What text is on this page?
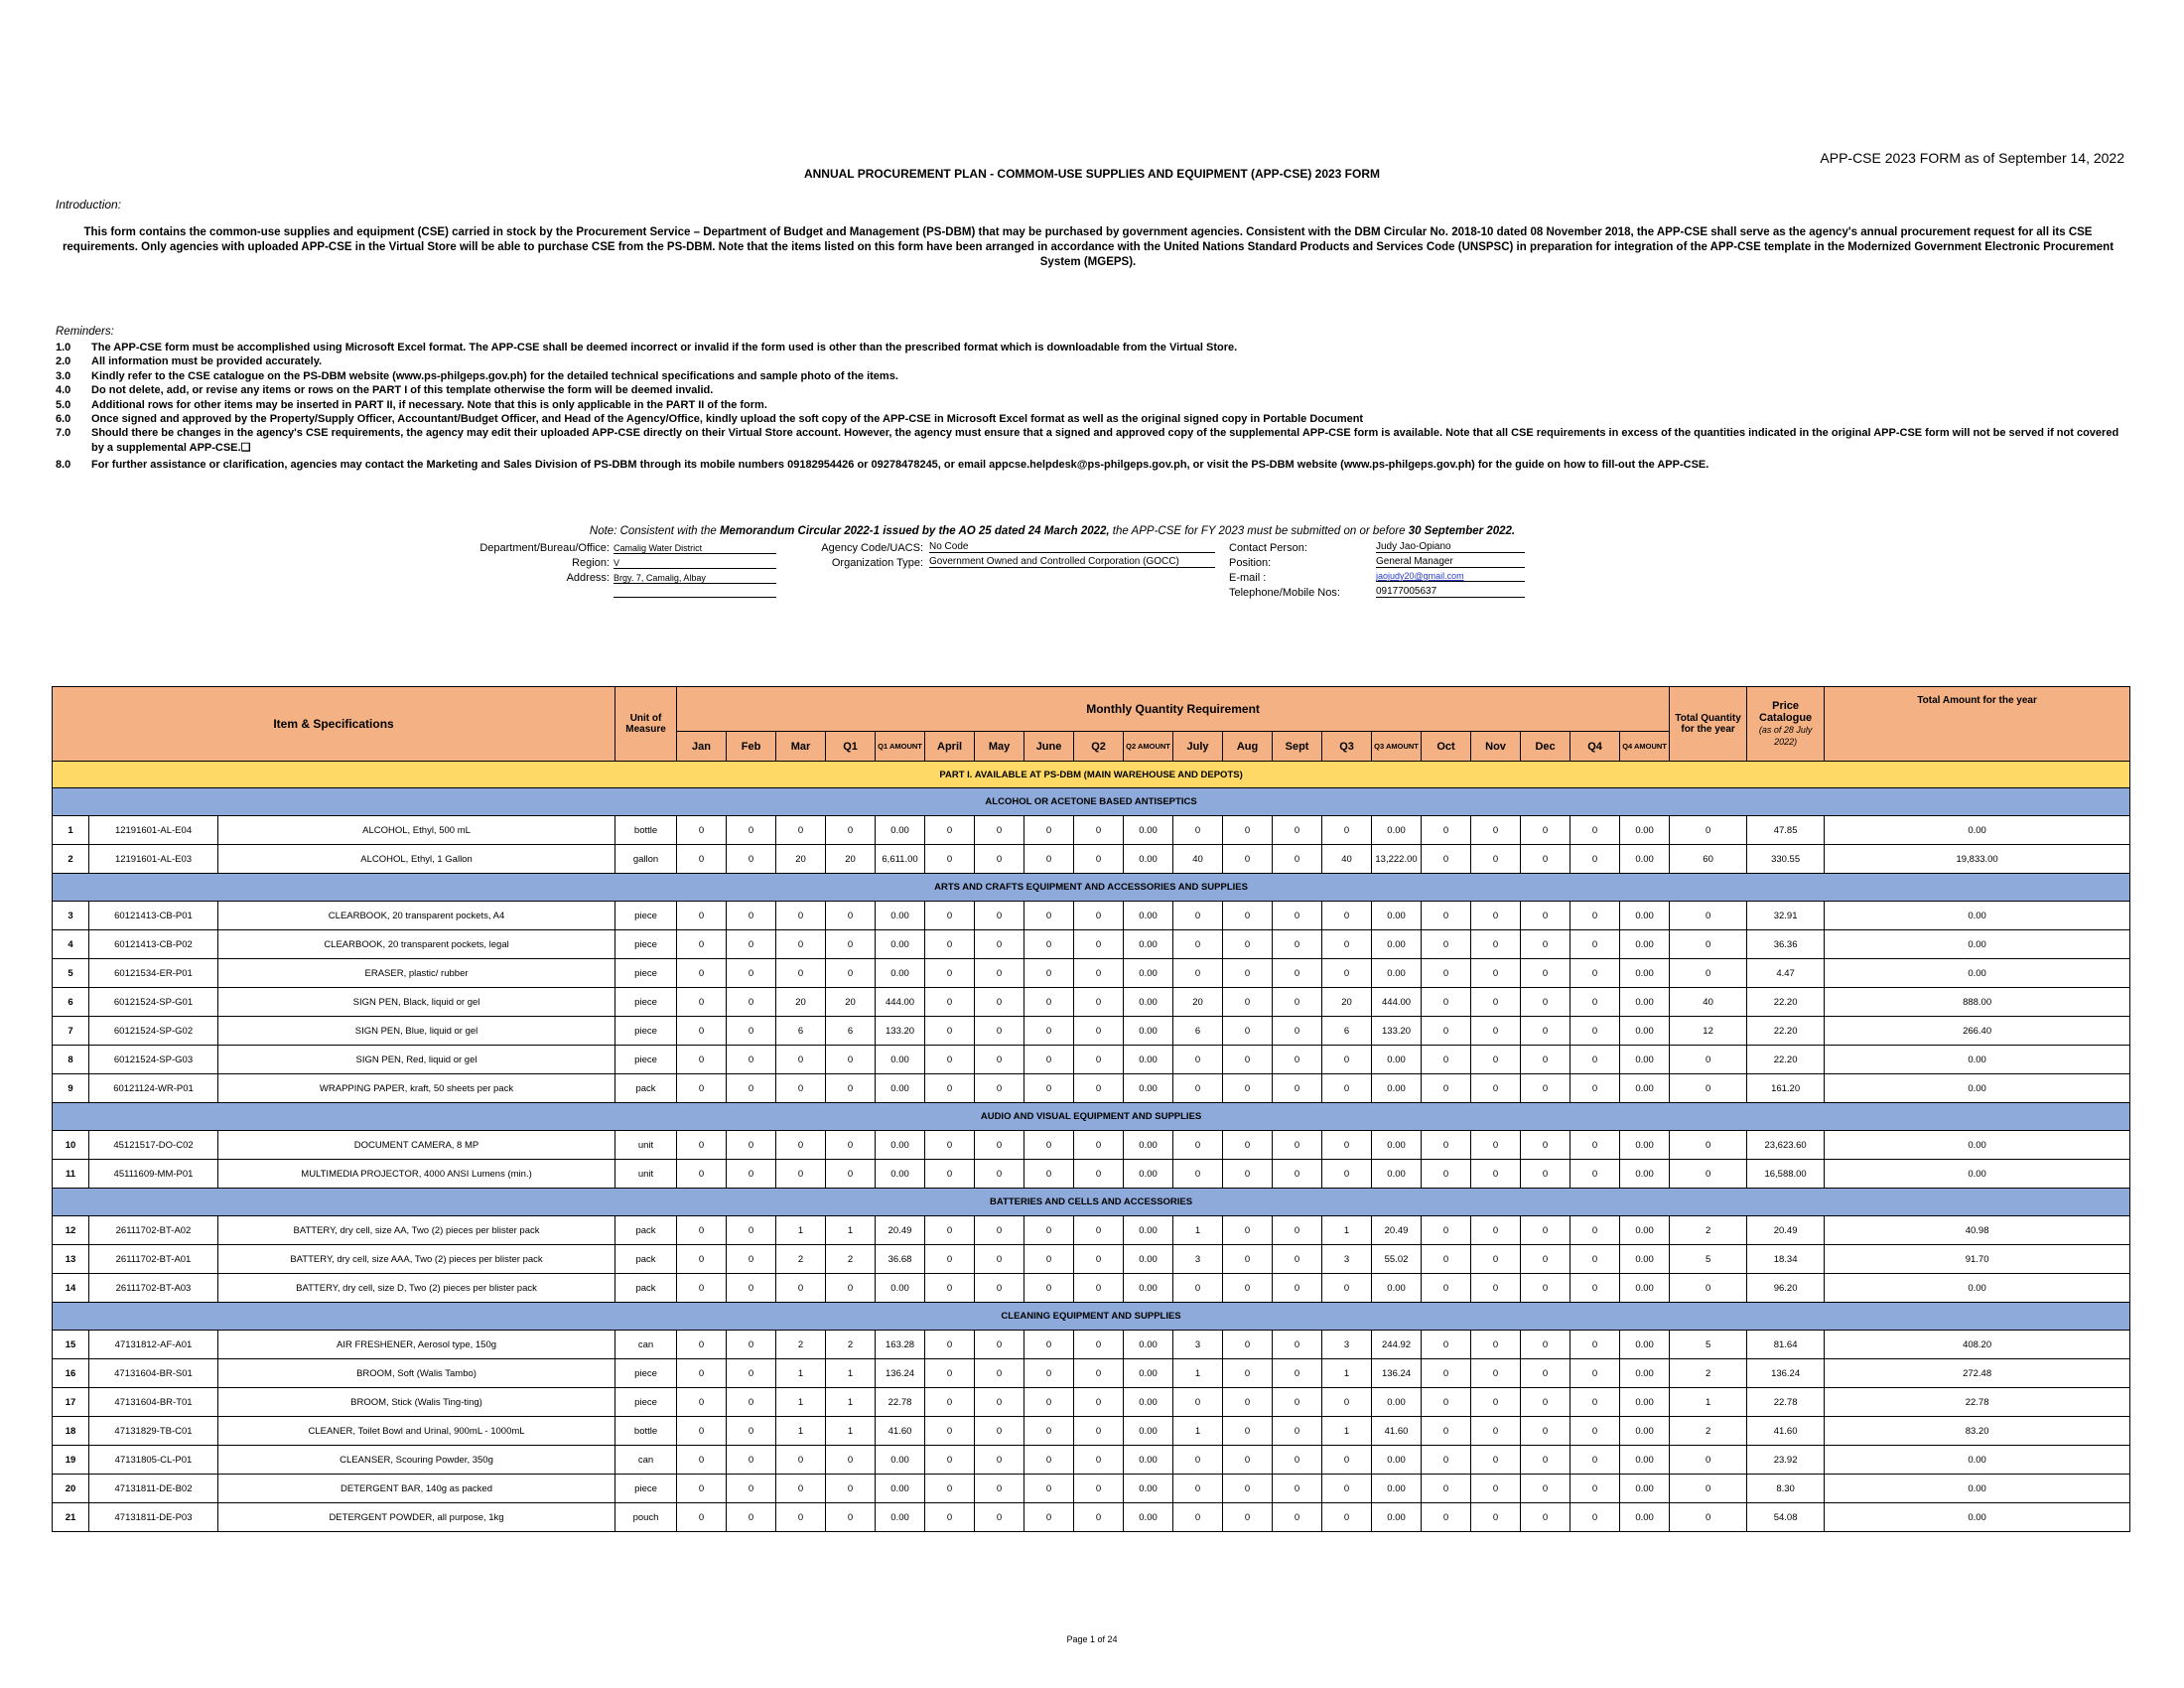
APP-CSE 2023 FORM as of September 14, 2022
ANNUAL PROCUREMENT PLAN - COMMOM-USE SUPPLIES AND EQUIPMENT (APP-CSE) 2023 FORM
Introduction:
This form contains the common-use supplies and equipment (CSE) carried in stock by the Procurement Service – Department of Budget and Management (PS-DBM) that may be purchased by government agencies. Consistent with the DBM Circular No. 2018-10 dated 08 November 2018, the APP-CSE shall serve as the agency's annual procurement request for all its CSE requirements. Only agencies with uploaded APP-CSE in the Virtual Store will be able to purchase CSE from the PS-DBM. Note that the items listed on this form have been arranged in accordance with the United Nations Standard Products and Services Code (UNSPSC) in preparation for integration of the APP-CSE template in the Modernized Government Electronic Procurement System (MGEPS).
Reminders:
1.0	The APP-CSE form must be accomplished using Microsoft Excel format. The APP-CSE shall be deemed incorrect or invalid if the form used is other than the prescribed format which is downloadable from the Virtual Store.
2.0	All information must be provided accurately.
3.0	Kindly refer to the CSE catalogue on the PS-DBM website (www.ps-philgeps.gov.ph) for the detailed technical specifications and sample photo of the items.
4.0	Do not delete, add, or revise any items or rows on the PART I of this template otherwise the form will be deemed invalid.
5.0	Additional rows for other items may be inserted in PART II, if necessary. Note that this is only applicable in the PART II of the form.
6.0	Once signed and approved by the Property/Supply Officer, Accountant/Budget Officer, and Head of the Agency/Office, kindly upload the soft copy of the APP-CSE in Microsoft Excel format as well as the original signed copy in Portable Document
7.0	Should there be changes in the agency's CSE requirements, the agency may edit their uploaded APP-CSE directly on their Virtual Store account. However, the agency must ensure that a signed and approved copy of the supplemental APP-CSE form is available. Note that all CSE requirements in excess of the quantities indicated in the original APP-CSE form will not be served if not covered by a supplemental APP-CSE.❏
8.0	For further assistance or clarification, agencies may contact the Marketing and Sales Division of PS-DBM through its mobile numbers 09182954426 or 09278478245, or email appcse.helpdesk@ps-philgeps.gov.ph, or visit the PS-DBM website (www.ps-philgeps.gov.ph) for the guide on how to fill-out the APP-CSE.
Note: Consistent with the Memorandum Circular 2022-1 issued by the AO 25 dated 24 March 2022, the APP-CSE for FY 2023 must be submitted on or before 30 September 2022.
Department/Bureau/Office: Camalig Water District
Region: V
Address: Brgy. 7, Camalig, Albay
Agency Code/UACS: No Code
Organization Type: Government Owned and Controlled Corporation (GOCC)
Contact Person:	Judy Jao-Opiano
Position:	General Manager
E-mail :	jaojudy20@gmail.com
Telephone/Mobile Nos:	09177005637
Item & Specifications			Unit of Measure	Monthly Quantity Requirement																				Total Quantity for the year	Price Catalogue
(as of 28 July 2022)	Total Amount for the year
				Jan	Feb	Mar	Q1	Q1 AMOUNT	April	May	June	Q2	Q2 AMOUNT	July	Aug	Sept	Q3	Q3 AMOUNT	Oct	Nov	Dec	Q4	Q4 AMOUNT			
PART I. AVAILABLE AT PS-DBM (MAIN WAREHOUSE AND DEPOTS)																										
ALCOHOL OR ACETONE BASED ANTISEPTICS																										
1	12191601-AL-E04	ALCOHOL, Ethyl, 500 mL	bottle	0	0	0	0	0.00	0	0	0	0	0.00	0	0	0	0	0.00	0	0	0	0	0.00	0	47.85	0.00
2	12191601-AL-E03	ALCOHOL, Ethyl, 1 Gallon	gallon	0	0	20	20	6,611.00	0	0	0	0	0.00	40	0	0	40	13,222.00	0	0	0	0	0.00	60	330.55	19,833.00
ARTS AND CRAFTS EQUIPMENT AND ACCESSORIES AND SUPPLIES																										
3	60121413-CB-P01	CLEARBOOK, 20 transparent pockets, A4	piece	0	0	0	0	0.00	0	0	0	0	0.00	0	0	0	0	0.00	0	0	0	0	0.00	0	32.91	0.00
4	60121413-CB-P02	CLEARBOOK, 20 transparent pockets, legal	piece	0	0	0	0	0.00	0	0	0	0	0.00	0	0	0	0	0.00	0	0	0	0	0.00	0	36.36	0.00
5	60121534-ER-P01	ERASER, plastic/ rubber	piece	0	0	0	0	0.00	0	0	0	0	0.00	0	0	0	0	0.00	0	0	0	0	0.00	0	4.47	0.00
6	60121524-SP-G01	SIGN PEN, Black, liquid or gel	piece	0	0	20	20	444.00	0	0	0	0	0.00	20	0	0	20	444.00	0	0	0	0	0.00	40	22.20	888.00
7	60121524-SP-G02	SIGN PEN, Blue, liquid or gel	piece	0	0	6	6	133.20	0	0	0	0	0.00	6	0	0	6	133.20	0	0	0	0	0.00	12	22.20	266.40
8	60121524-SP-G03	SIGN PEN, Red, liquid or gel	piece	0	0	0	0	0.00	0	0	0	0	0.00	0	0	0	0	0.00	0	0	0	0	0.00	0	22.20	0.00
9	60121124-WR-P01	WRAPPING PAPER, kraft, 50 sheets per pack	pack	0	0	0	0	0.00	0	0	0	0	0.00	0	0	0	0	0.00	0	0	0	0	0.00	0	161.20	0.00
AUDIO AND VISUAL EQUIPMENT AND SUPPLIES																										
10	45121517-DO-C02	DOCUMENT CAMERA, 8 MP	unit	0	0	0	0	0.00	0	0	0	0	0.00	0	0	0	0	0.00	0	0	0	0	0.00	0	23,623.60	0.00
11	45111609-MM-P01	MULTIMEDIA PROJECTOR, 4000 ANSI Lumens (min.)	unit	0	0	0	0	0.00	0	0	0	0	0.00	0	0	0	0	0.00	0	0	0	0	0.00	0	16,588.00	0.00
BATTERIES AND CELLS AND ACCESSORIES																										
12	26111702-BT-A02	BATTERY, dry cell, size AA, Two (2) pieces per blister pack	pack	0	0	1	1	20.49	0	0	0	0	0.00	1	0	0	1	20.49	0	0	0	0	0.00	2	20.49	40.98
13	26111702-BT-A01	BATTERY, dry cell, size AAA, Two (2) pieces per blister pack	pack	0	0	2	2	36.68	0	0	0	0	0.00	3	0	0	3	55.02	0	0	0	0	0.00	5	18.34	91.70
14	26111702-BT-A03	BATTERY, dry cell, size D, Two (2) pieces per blister pack	pack	0	0	0	0	0.00	0	0	0	0	0.00	0	0	0	0	0.00	0	0	0	0	0.00	0	96.20	0.00
CLEANING EQUIPMENT AND SUPPLIES																										
15	47131812-AF-A01	AIR FRESHENER, Aerosol type, 150g	can	0	0	2	2	163.28	0	0	0	0	0.00	3	0	0	3	244.92	0	0	0	0	0.00	5	81.64	408.20
16	47131604-BR-S01	BROOM, Soft (Walis Tambo)	piece	0	0	1	1	136.24	0	0	0	0	0.00	1	0	0	1	136.24	0	0	0	0	0.00	2	136.24	272.48
17	47131604-BR-T01	BROOM, Stick (Walis Ting-ting)	piece	0	0	1	1	22.78	0	0	0	0	0.00	0	0	0	0	0.00	0	0	0	0	0.00	1	22.78	22.78
18	47131829-TB-C01	CLEANER, Toilet Bowl and Urinal, 900mL - 1000mL	bottle	0	0	1	1	41.60	0	0	0	0	0.00	1	0	0	1	41.60	0	0	0	0	0.00	2	41.60	83.20
19	47131805-CL-P01	CLEANSER, Scouring Powder, 350g	can	0	0	0	0	0.00	0	0	0	0	0.00	0	0	0	0	0.00	0	0	0	0	0.00	0	23.92	0.00
20	47131811-DE-B02	DETERGENT BAR, 140g as packed	piece	0	0	0	0	0.00	0	0	0	0	0.00	0	0	0	0	0.00	0	0	0	0	0.00	0	8.30	0.00
21	47131811-DE-P03	DETERGENT POWDER, all purpose, 1kg	pouch	0	0	0	0	0.00	0	0	0	0	0.00	0	0	0	0	0.00	0	0	0	0	0.00	0	54.08	0.00
Page 1 of 24
